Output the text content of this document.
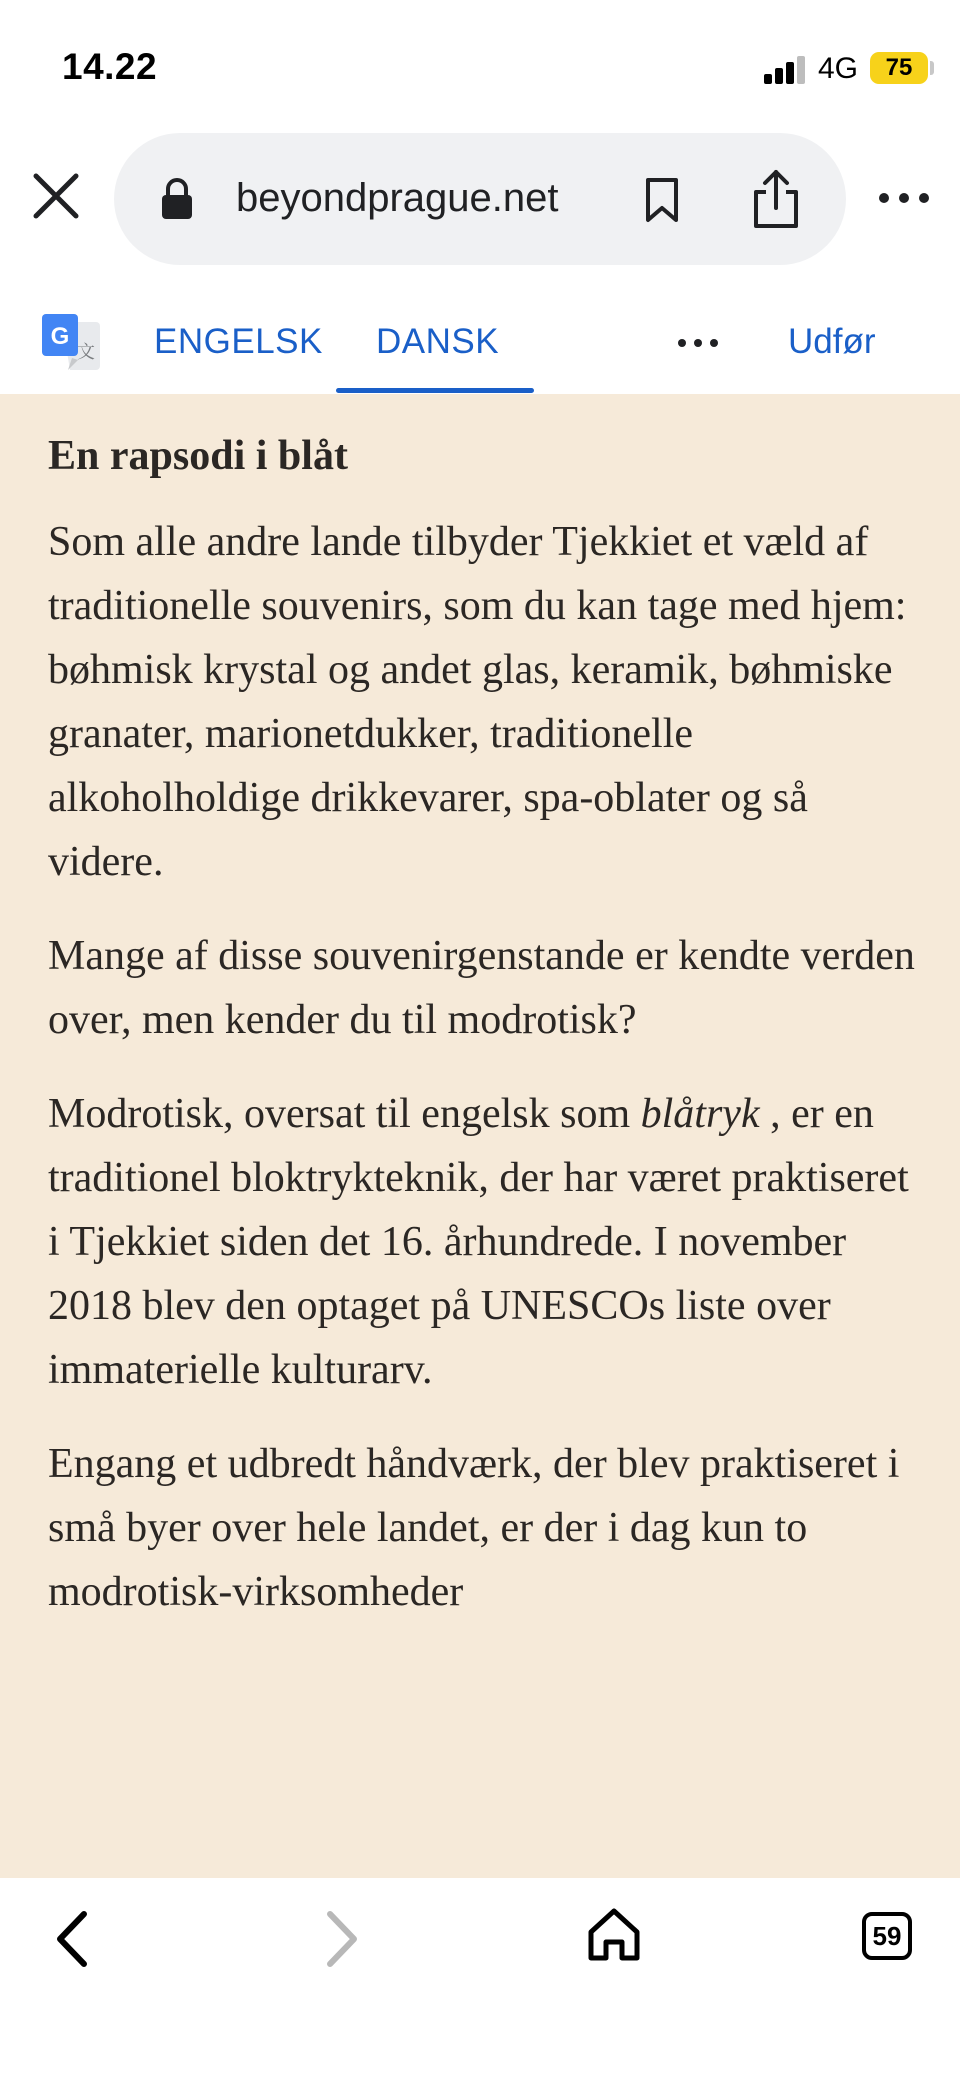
14.22	4G	75
beyondprague.net
G
文 ENGELSK DANSK	Udfør
En rapsodi i blåt

Som alle andre lande tilbyder Tjekkiet et væld af traditionelle souvenirs, som du kan tage med hjem: bøhmisk krystal og andet glas, keramik, bøhmiske granater, marionetdukker, traditionelle alkoholholdige drikkevarer, spa-oblater og så videre.

Mange af disse souvenirgenstande er kendte verden over, men kender du til modrotisk?

Modrotisk, oversat til engelsk som blåtryk , er en traditionel bloktrykteknik, der har været praktiseret i Tjekkiet siden det 16. århundrede. I november 2018 blev den optaget på UNESCOs liste over immaterielle kulturarv.

Engang et udbredt håndværk, der blev praktiseret i små byer over hele landet, er der i dag kun to modrotisk-virksomheder

59
